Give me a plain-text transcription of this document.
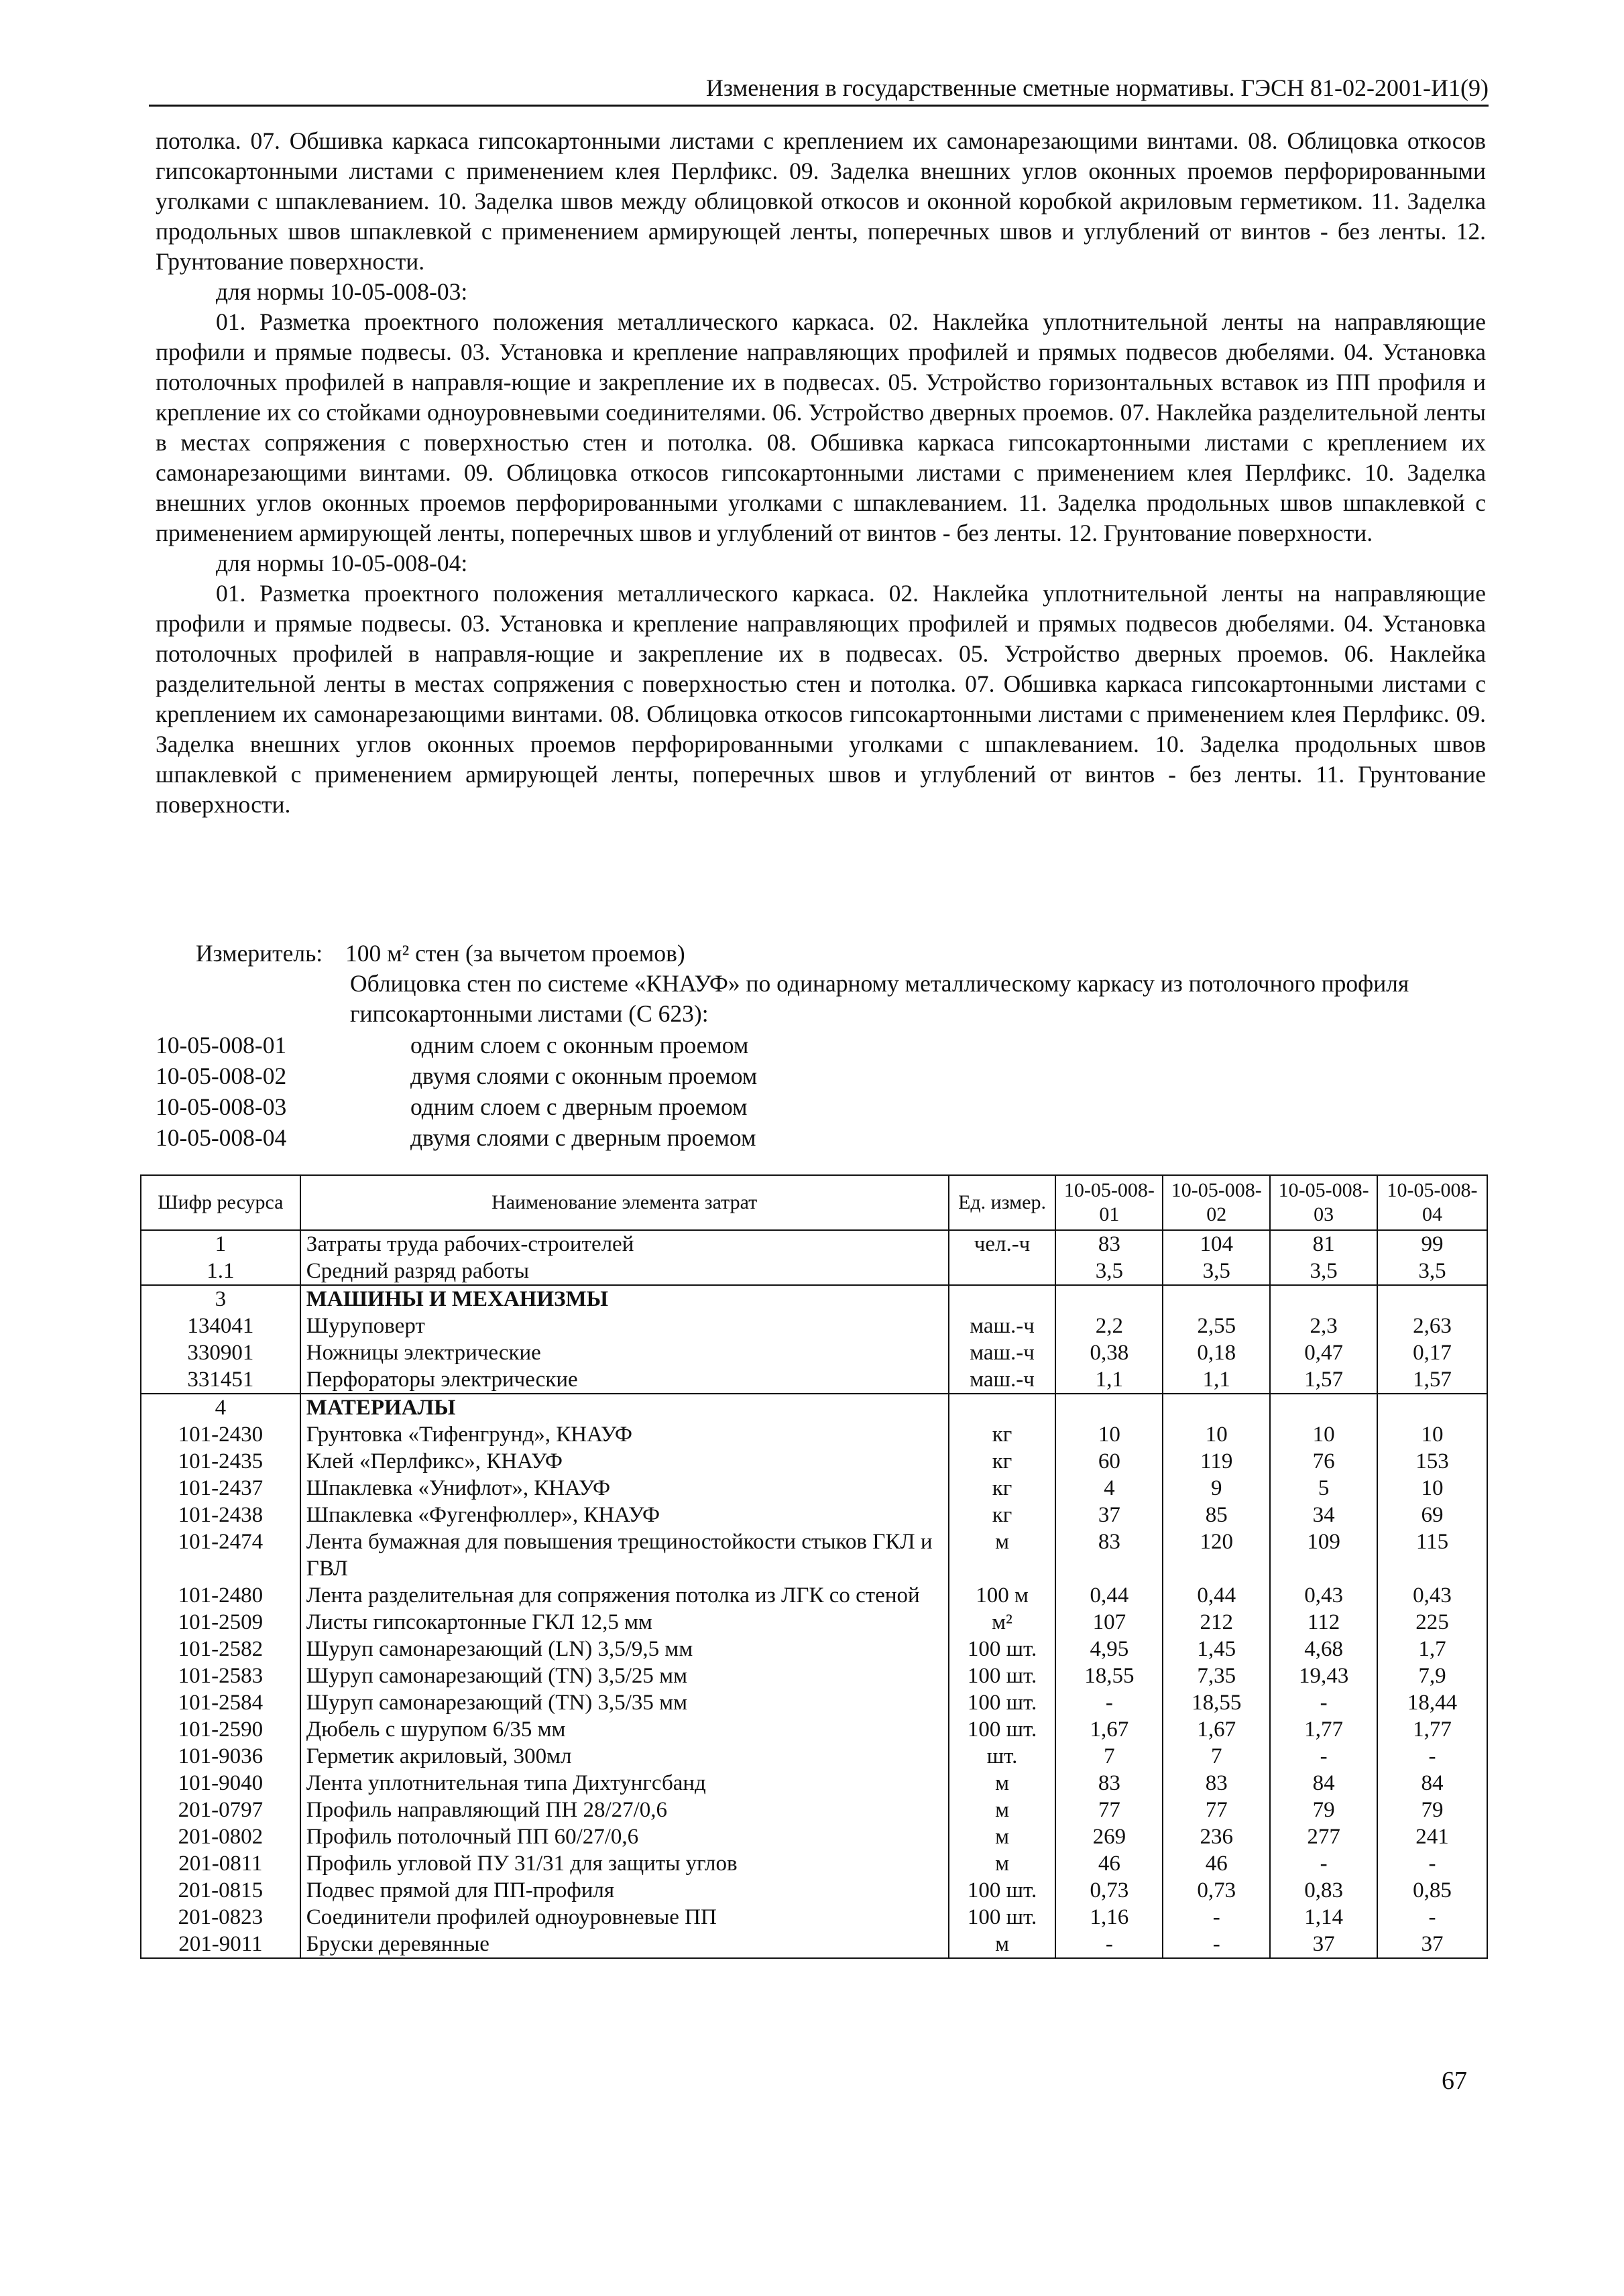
Изменения в государственные сметные нормативы. ГЭСН 81-02-2001-И1(9)

потолка. 07. Обшивка каркаса гипсокартонными листами с креплением их самонарезающими винтами. 08. Облицовка откосов гипсокартонными листами с применением клея Перлфикс. 09. Заделка внешних углов оконных проемов перфорированными уголками с шпаклеванием. 10. Заделка швов между облицовкой откосов и оконной коробкой акриловым герметиком. 11. Заделка продольных швов шпаклевкой с применением армирующей ленты, поперечных швов и углублений от винтов - без ленты. 12. Грунтование поверхности.

для нормы 10-05-008-03:

01. Разметка проектного положения металлического каркаса. 02. Наклейка уплотнительной ленты на направляющие профили и прямые подвесы. 03. Установка и крепление направляющих профилей и прямых подвесов дюбелями. 04. Установка потолочных профилей в направля-ющие и закрепление их в подвесах. 05. Устройство горизонтальных вставок из ПП профиля и крепление их со стойками одноуровневыми соединителями. 06. Устройство дверных проемов. 07. Наклейка разделительной ленты в местах сопряжения с поверхностью стен и потолка. 08. Обшивка каркаса гипсокартонными листами с креплением их самонарезающими винтами. 09. Облицовка откосов гипсокартонными листами с применением клея Перлфикс. 10. Заделка внешних углов оконных проемов перфорированными уголками с шпаклеванием. 11. Заделка продольных швов шпаклевкой с применением армирующей ленты, поперечных швов и углублений от винтов - без ленты. 12. Грунтование поверхности.

для нормы 10-05-008-04:

01. Разметка проектного положения металлического каркаса. 02. Наклейка уплотнительной ленты на направляющие профили и прямые подвесы. 03. Установка и крепление направляющих профилей и прямых подвесов дюбелями. 04. Установка потолочных профилей в направля-ющие и закрепление их в подвесах. 05. Устройство дверных проемов. 06. Наклейка разделительной ленты в местах сопряжения с поверхностью стен и потолка. 07. Обшивка каркаса гипсокартонными листами с креплением их самонарезающими винтами. 08. Облицовка откосов гипсокартонными листами с применением клея Перлфикс. 09. Заделка внешних углов оконных проемов перфорированными уголками с шпаклеванием. 10. Заделка продольных швов шпаклевкой с применением армирующей ленты, поперечных швов и углублений от винтов - без ленты. 11. Грунтование поверхности.

Измеритель: 100 м² стен (за вычетом проемов)
Облицовка стен по системе «КНАУФ» по одинарному металлическому каркасу из потолочного профиля гипсокартонными листами (С 623):
10-05-008-01	одним слоем с оконным проемом
10-05-008-02	двумя слоями с оконным проемом
10-05-008-03	одним слоем с дверным проемом
10-05-008-04	двумя слоями с дверным проемом
Шифр ресурса	Наименование элемента затрат	Ед. измер.	10-05-008-01	10-05-008-02	10-05-008-03	10-05-008-04
1	Затраты труда рабочих-строителей	чел.-ч	83	104	81	99
1.1	Средний разряд работы		3,5	3,5	3,5	3,5
3	МАШИНЫ И МЕХАНИЗМЫ					
134041	Шуруповерт	маш.-ч	2,2	2,55	2,3	2,63
330901	Ножницы электрические	маш.-ч	0,38	0,18	0,47	0,17
331451	Перфораторы электрические	маш.-ч	1,1	1,1	1,57	1,57
4	МАТЕРИАЛЫ					
101-2430	Грунтовка «Тифенгрунд», КНАУФ	кг	10	10	10	10
101-2435	Клей «Перлфикс», КНАУФ	кг	60	119	76	153
101-2437	Шпаклевка «Унифлот», КНАУФ	кг	4	9	5	10
101-2438	Шпаклевка «Фугенфюллер», КНАУФ	кг	37	85	34	69
101-2474	Лента бумажная для повышения трещиностойкости стыков ГКЛ и ГВЛ	м	83	120	109	115
101-2480	Лента разделительная для сопряжения потолка из ЛГК со стеной	100 м	0,44	0,44	0,43	0,43
101-2509	Листы гипсокартонные ГКЛ 12,5 мм	м²	107	212	112	225
101-2582	Шуруп самонарезающий (LN) 3,5/9,5 мм	100 шт.	4,95	1,45	4,68	1,7
101-2583	Шуруп самонарезающий (TN) 3,5/25 мм	100 шт.	18,55	7,35	19,43	7,9
101-2584	Шуруп самонарезающий (TN) 3,5/35 мм	100 шт.	-	18,55	-	18,44
101-2590	Дюбель с шурупом 6/35 мм	100 шт.	1,67	1,67	1,77	1,77
101-9036	Герметик акриловый, 300мл	шт.	7	7	-	-
101-9040	Лента уплотнительная типа Дихтунгсбанд	м	83	83	84	84
201-0797	Профиль направляющий ПН 28/27/0,6	м	77	77	79	79
201-0802	Профиль потолочный ПП 60/27/0,6	м	269	236	277	241
201-0811	Профиль угловой ПУ 31/31 для защиты углов	м	46	46	-	-
201-0815	Подвес прямой для ПП-профиля	100 шт.	0,73	0,73	0,83	0,85
201-0823	Соединители профилей одноуровневые ПП	100 шт.	1,16	-	1,14	-
201-9011	Бруски деревянные	м	-	-	37	37
67
